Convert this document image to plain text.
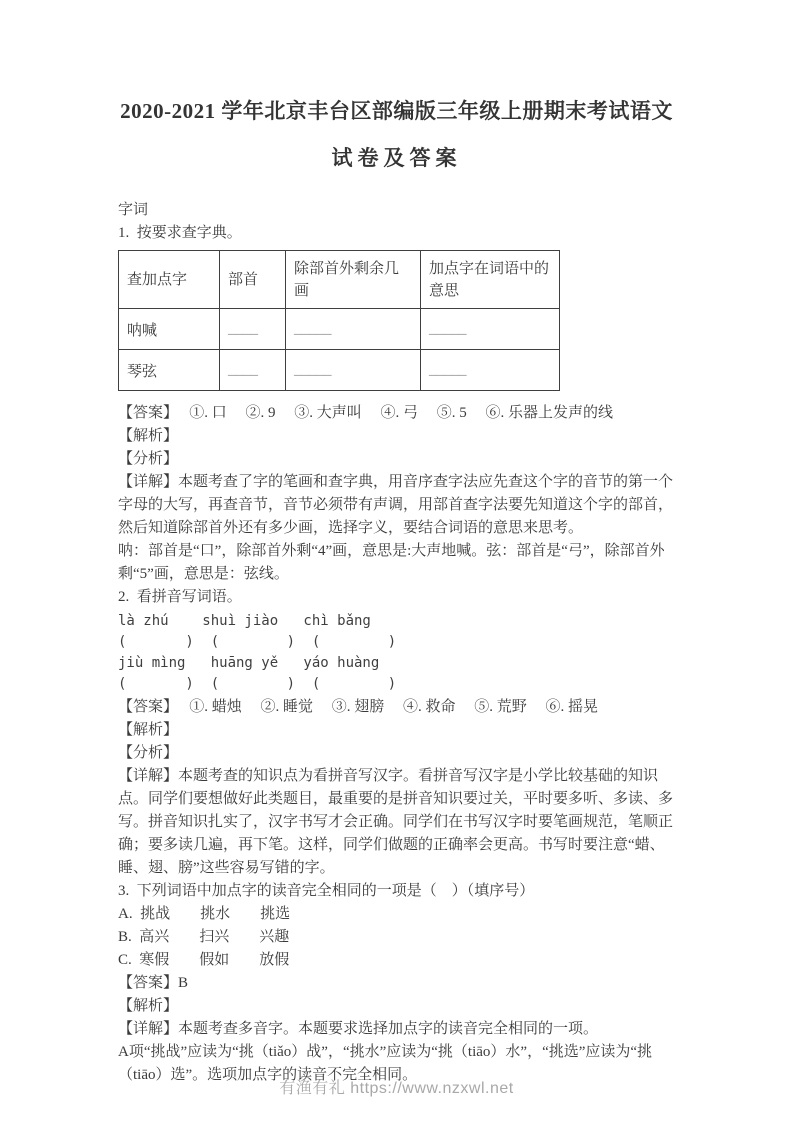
2020-2021 学年北京丰台区部编版三年级上册期末考试语文
试卷及答案

字词

1.  按要求查字典。

查加点字	部首	除部首外剩余几画	加点字在词语中的意思
呐喊	____	_____	_____
琴弦	____	_____	_____

【答案】　 ①. 口　 ②. 9　 ③. 大声叫　 ④. 弓　 ⑤. 5　 ⑥. 乐器上发声的线

【解析】

【分析】

【详解】本题考查了字的笔画和查字典，用音序查字法应先查这个字的音节的第一个字母的大写，再查音节，音节必须带有声调，用部首查字法要先知道这个字的部首，然后知道除部首外还有多少画，选择字义，要结合词语的意思来思考。

呐：部首是“口”，除部首外剩“4”画，意思是:大声地喊。弦：部首是“弓”，除部首外剩“5”画，意思是：弦线。

2.  看拼音写词语。

là zhú    shuì jiào   chì bǎng

(       )  (        )  (        )

jiù mìng   huāng yě   yáo huàng

(       )  (        )  (        )

【答案】　 ①. 蜡烛　 ②. 睡觉　 ③. 翅膀　 ④. 救命　 ⑤. 荒野　 ⑥. 摇晃

【解析】

【分析】

【详解】本题考查的知识点为看拼音写汉字。看拼音写汉字是小学比较基础的知识点。同学们要想做好此类题目，最重要的是拼音知识要过关，平时要多听、多读、多写。拼音知识扎实了，汉字书写才会正确。同学们在书写汉字时要笔画规范，笔顺正确；要多读几遍，再下笔。这样，同学们做题的正确率会更高。书写时要注意“蜡、睡、翅、膀”这些容易写错的字。

3.  下列词语中加点字的读音完全相同的一项是（　）（填序号）

A.  挑战　　挑水　　挑选

B.  高兴　　扫兴　　兴趣

C.  寒假　　假如　　放假

【答案】B

【解析】

【详解】本题考查多音字。本题要求选择加点字的读音完全相同的一项。

A项“挑战”应读为“挑（tiǎo）战”，“挑水”应读为“挑（tiāo）水”，“挑选”应读为“挑（tiāo）选”。选项加点字的读音不完全相同。

有渔有礼 https://www.nzxwl.net
